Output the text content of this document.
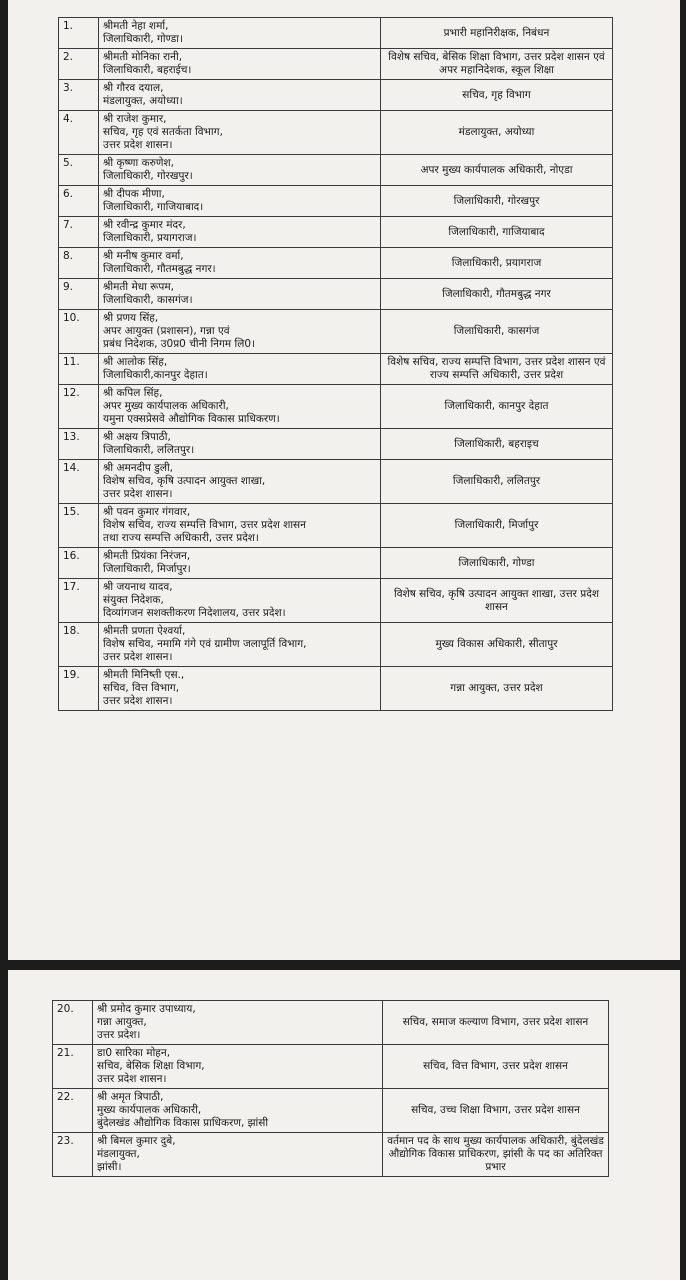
1.	श्रीमती नेहा शर्मा,
जिलाधिकारी, गोण्डा।	प्रभारी महानिरीक्षक, निबंधन
2.	श्रीमती मोनिका रानी,
जिलाधिकारी, बहराईच।	विशेष सचिव, बेसिक शिक्षा विभाग, उत्तर प्रदेश शासन एवं अपर महानिदेशक, स्कूल शिक्षा
3.	श्री गौरव दयाल,
मंडलायुक्त, अयोध्या।	सचिव, गृह विभाग
4.	श्री राजेश कुमार,
सचिव, गृह एवं सतर्कता विभाग,
उत्तर प्रदेश शासन।	मंडलायुक्त, अयोध्या
5.	श्री कृष्णा करुणेश,
जिलाधिकारी, गोरखपुर।	अपर मुख्य कार्यपालक अधिकारी, नोएडा
6.	श्री दीपक मीणा,
जिलाधिकारी, गाजियाबाद।	जिलाधिकारी, गोरखपुर
7.	श्री रवीन्द्र कुमार मंदर,
जिलाधिकारी, प्रयागराज।	जिलाधिकारी, गाजियाबाद
8.	श्री मनीष कुमार वर्मा,
जिलाधिकारी, गौतमबुद्ध नगर।	जिलाधिकारी, प्रयागराज
9.	श्रीमती मेधा रूपम,
जिलाधिकारी, कासगंज।	जिलाधिकारी, गौतमबुद्ध नगर
10.	श्री प्रणय सिंह,
अपर आयुक्त (प्रशासन), गन्ना एवं
प्रबंध निदेशक, उ0प्र0 चीनी निगम लि0।	जिलाधिकारी, कासगंज
11.	श्री आलोक सिंह,
जिलाधिकारी,कानपुर देहात।	विशेष सचिव, राज्य सम्पत्ति विभाग, उत्तर प्रदेश शासन एवं राज्य सम्पत्ति अधिकारी, उत्तर प्रदेश
12.	श्री कपिल सिंह,
अपर मुख्य कार्यपालक अधिकारी,
यमुना एक्सप्रेसवे औद्योगिक विकास प्राधिकरण।	जिलाधिकारी, कानपुर देहात
13.	श्री अक्षय त्रिपाठी,
जिलाधिकारी, ललितपुर।	जिलाधिकारी, बहराइच
14.	श्री अमनदीप डुली,
विशेष सचिव, कृषि उत्पादन आयुक्त शाखा,
उत्तर प्रदेश शासन।	जिलाधिकारी, ललितपुर
15.	श्री पवन कुमार गंगवार,
विशेष सचिव, राज्य सम्पत्ति विभाग, उत्तर प्रदेश शासन
तथा राज्य सम्पत्ति अधिकारी, उत्तर प्रदेश।	जिलाधिकारी, मिर्जापुर
16.	श्रीमती प्रियंका निरंजन,
जिलाधिकारी, मिर्जापुर।	जिलाधिकारी, गोण्डा
17.	श्री जयनाथ यादव,
संयुक्त निदेशक,
दिव्यांगजन सशक्तीकरण निदेशालय, उत्तर प्रदेश।	विशेष सचिव, कृषि उत्पादन आयुक्त शाखा, उत्तर प्रदेश शासन
18.	श्रीमती प्रणता ऐश्वर्या,
विशेष सचिव, नमामि गंगे एवं ग्रामीण जलापूर्ति विभाग,
उत्तर प्रदेश शासन।	मुख्य विकास अधिकारी, सीतापुर
19.	श्रीमती मिनिष्ती एस.,
सचिव, वित्त विभाग,
उत्तर प्रदेश शासन।	गन्ना आयुक्त, उत्तर प्रदेश
20.	श्री प्रमोद कुमार उपाध्याय,
गन्ना आयुक्त,
उत्तर प्रदेश।	सचिव, समाज कल्याण विभाग, उत्तर प्रदेश शासन
21.	डा0 सारिका मोहन,
सचिव, बेसिक शिक्षा विभाग,
उत्तर प्रदेश शासन।	सचिव, वित्त विभाग, उत्तर प्रदेश शासन
22.	श्री अमृत त्रिपाठी,
मुख्य कार्यपालक अधिकारी,
बुंदेलखंड औद्योगिक विकास प्राधिकरण, झांसी	सचिव, उच्च शिक्षा विभाग, उत्तर प्रदेश शासन
23.	श्री बिमल कुमार दुबे,
मंडलायुक्त,
झांसी।	वर्तमान पद के साथ मुख्य कार्यपालक अधिकारी, बुंदेलखंड औद्योगिक विकास प्राधिकरण, झांसी के पद का अतिरिक्त प्रभार
